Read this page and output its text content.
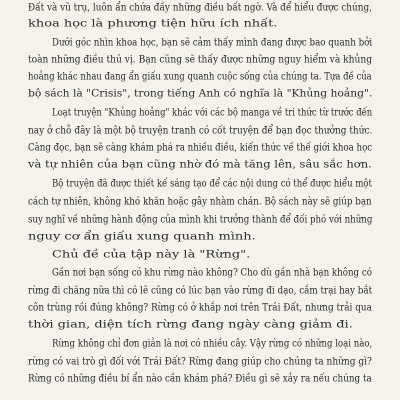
Đất và vũ trụ, luôn ẩn chứa đầy những điều bất ngờ. Và để hiểu được chúng,
khoa học là phương tiện hữu ích nhất.
Dưới góc nhìn khoa học, bạn sẽ cảm thấy mình đang được bao quanh bởi
toàn những điều thú vị. Bạn cũng sẽ thấy được những nguy hiểm và khủng
hoảng khác nhau đang ẩn giấu xung quanh cuộc sống của chúng ta. Tựa đề của
bộ sách là "Crisis", trong tiếng Anh có nghĩa là "Khủng hoảng".
Loạt truyện "Khủng hoảng" khác với các bộ manga về tri thức từ trước đến
nay ở chỗ đây là một bộ truyện tranh có cốt truyện để bạn đọc thưởng thức.
Càng đọc, bạn sẽ càng khám phá ra nhiều điều, kiến thức về thế giới khoa học
và tự nhiên của bạn cũng nhờ đó mà tăng lên, sâu sắc hơn.
Bộ truyện đã được thiết kế sáng tạo để các nội dung có thể được hiểu một
cách tự nhiên, không khó khăn hoặc gây nhàm chán. Bộ sách này sẽ giúp bạn
suy nghĩ về những hành động của mình khi trưởng thành để đối phó với những
nguy cơ ẩn giấu xung quanh mình.
Chủ đề của tập này là "Rừng".
Gần nơi bạn sống có khu rừng nào không? Cho dù gần nhà bạn không có
rừng đi chăng nữa thì có lẽ cũng có lúc bạn vào rừng đi dạo, cắm trại hay bắt
côn trùng rồi đúng không? Rừng có ở khắp nơi trên Trái Đất, nhưng trải qua
thời gian, diện tích rừng đang ngày càng giảm đi.
Rừng không chỉ đơn giản là nơi có nhiều cây. Vậy rừng có những loại nào,
rừng có vai trò gì đối với Trái Đất? Rừng đang giúp cho chúng ta những gì?
Rừng có những điều bí ẩn nào cần khám phá? Điều gì sẽ xảy ra nếu chúng ta
